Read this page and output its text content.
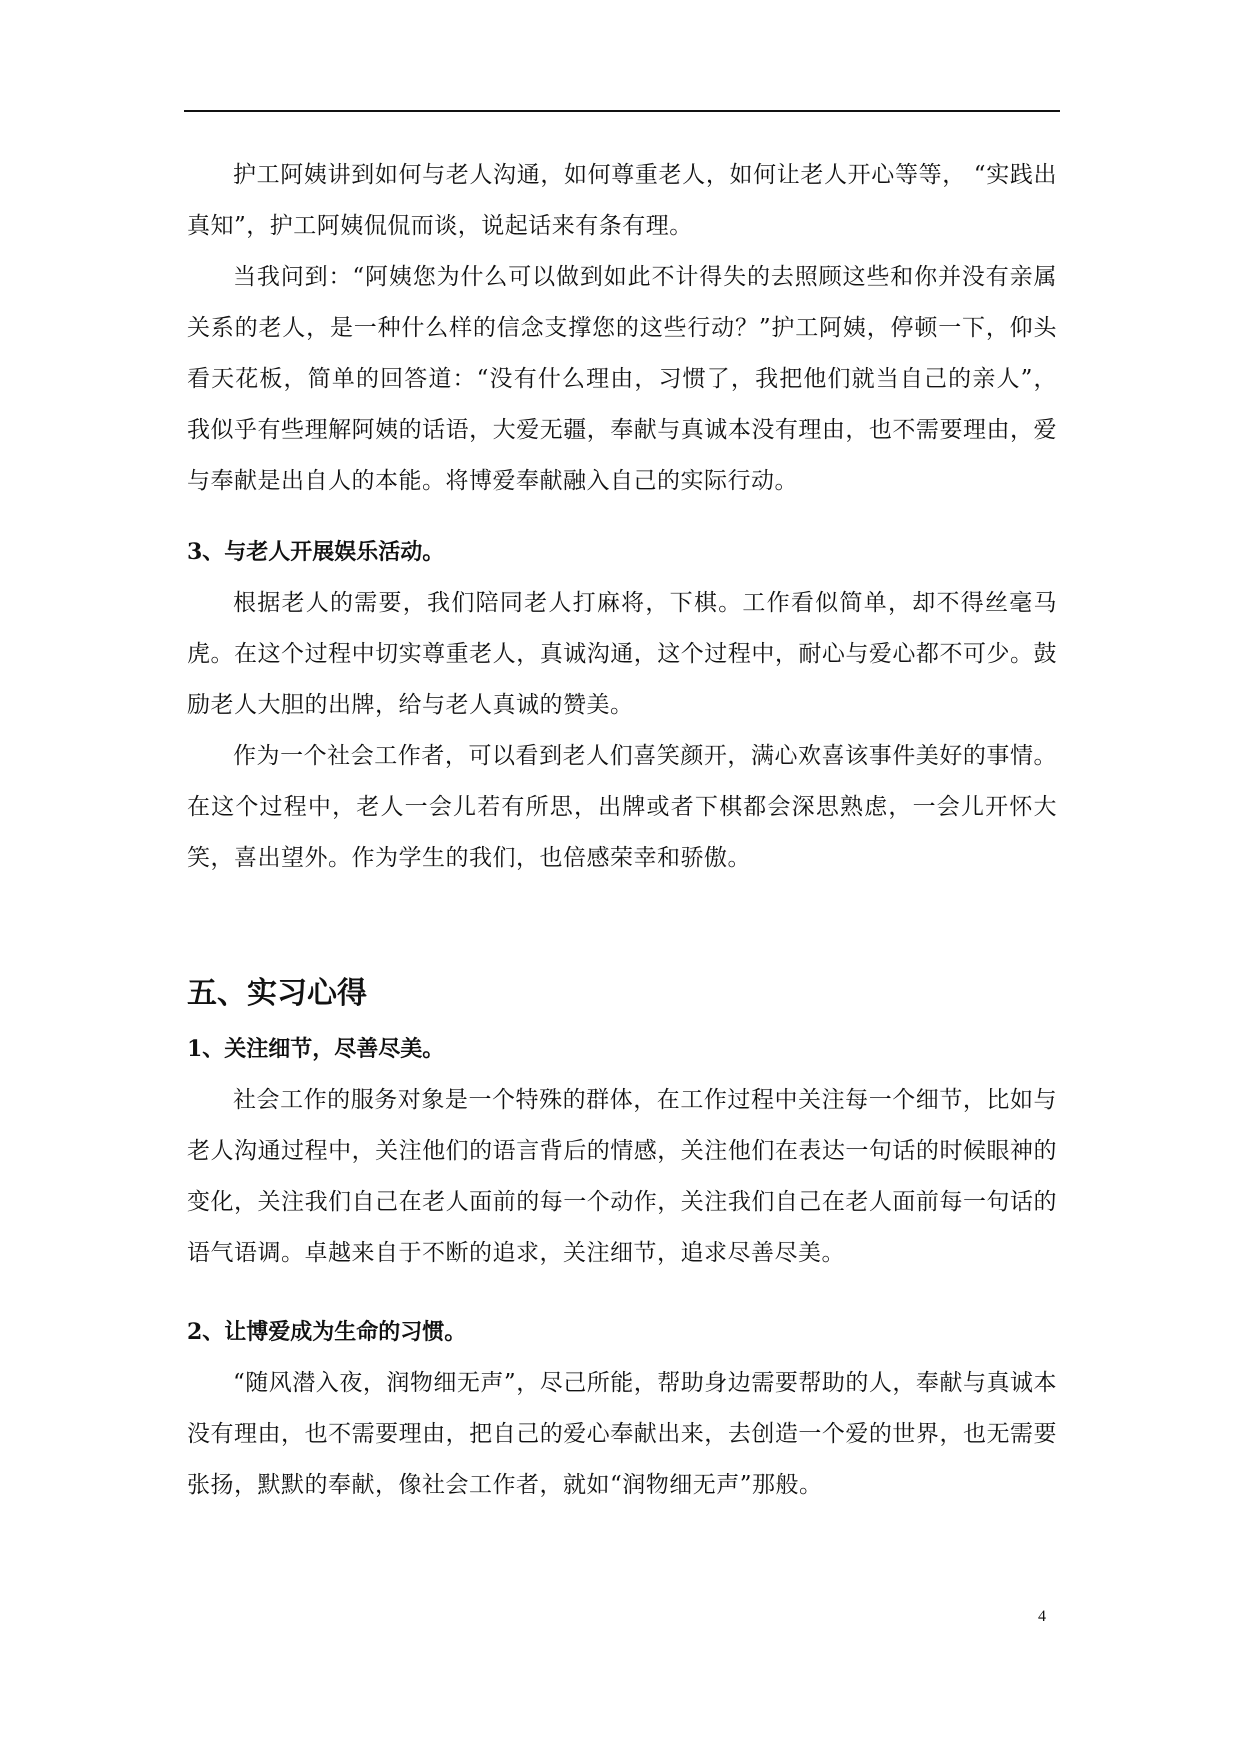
护工阿姨讲到如何与老人沟通，如何尊重老人，如何让老人开心等等， “实践出真知”，护工阿姨侃侃而谈，说起话来有条有理。

当我问到：“阿姨您为什么可以做到如此不计得失的去照顾这些和你并没有亲属关系的老人，是一种什么样的信念支撑您的这些行动？”护工阿姨，停顿一下，仰头看天花板，简单的回答道：“没有什么理由，习惯了，我把他们就当自己的亲人”，我似乎有些理解阿姨的话语，大爱无疆，奉献与真诚本没有理由，也不需要理由，爱与奉献是出自人的本能。将博爱奉献融入自己的实际行动。

3、与老人开展娱乐活动。

根据老人的需要，我们陪同老人打麻将，下棋。工作看似简单，却不得丝毫马虎。在这个过程中切实尊重老人，真诚沟通，这个过程中，耐心与爱心都不可少。鼓励老人大胆的出牌，给与老人真诚的赞美。

作为一个社会工作者，可以看到老人们喜笑颜开，满心欢喜该事件美好的事情。在这个过程中，老人一会儿若有所思，出牌或者下棋都会深思熟虑，一会儿开怀大笑，喜出望外。作为学生的我们，也倍感荣幸和骄傲。

五、实习心得

1、关注细节，尽善尽美。

社会工作的服务对象是一个特殊的群体，在工作过程中关注每一个细节，比如与老人沟通过程中，关注他们的语言背后的情感，关注他们在表达一句话的时候眼神的变化，关注我们自己在老人面前的每一个动作，关注我们自己在老人面前每一句话的语气语调。卓越来自于不断的追求，关注细节，追求尽善尽美。

2、让博爱成为生命的习惯。

“随风潜入夜，润物细无声”，尽己所能，帮助身边需要帮助的人，奉献与真诚本没有理由，也不需要理由，把自己的爱心奉献出来，去创造一个爱的世界，也无需要张扬，默默的奉献，像社会工作者，就如“润物细无声”那般。

4
